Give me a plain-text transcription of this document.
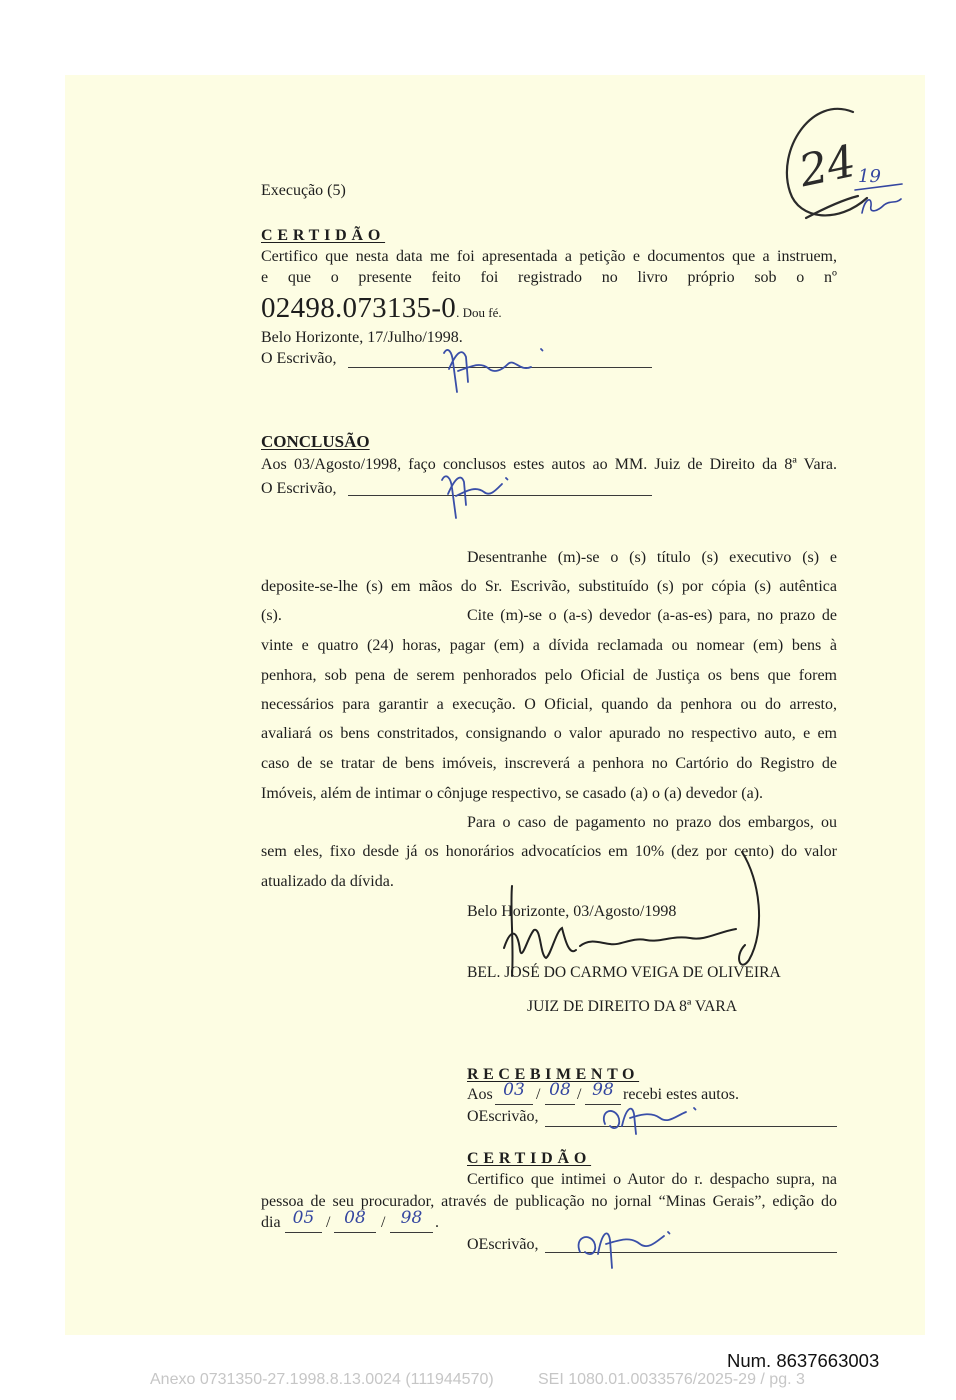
Execução (5)
CERTIDÃO
Certifico que nesta data me foi apresentada a petição e documentos que a instruem,
e que o presente feito foi registrado no livro próprio sob o nº
02498.073135-0. Dou fé.
Belo Horizonte, 17/Julho/1998.
O Escrivão,
CONCLUSÃO
Aos 03/Agosto/1998, faço conclusos estes autos ao MM. Juiz de Direito da 8ª Vara.
O Escrivão,
Desentranhe (m)-se o (s) título (s) executivo (s) e
deposite-se-lhe (s) em mãos do Sr. Escrivão, substituído (s) por cópia (s) autêntica
(s).	Cite (m)-se o (a-s) devedor (a-as-es) para, no prazo de
vinte e quatro (24) horas, pagar (em) a dívida reclamada ou nomear (em) bens à
penhora, sob pena de serem penhorados pelo Oficial de Justiça os bens que forem
necessários para garantir a execução. O Oficial, quando da penhora ou do arresto,
avaliará os bens constritados, consignando o valor apurado no respectivo auto, e em
caso de se tratar de bens imóveis, inscreverá a penhora no Cartório do Registro de
Imóveis, além de intimar o cônjuge respectivo, se casado (a) o (a) devedor (a).
Para o caso de pagamento no prazo dos embargos, ou
sem eles, fixo desde já os honorários advocatícios em 10% (dez por cento) do valor
atualizado da dívida.
Belo Horizonte, 03/Agosto/1998
BEL. JOSÉ DO CARMO VEIGA DE OLIVEIRA
JUIZ DE DIREITO DA 8ª VARA
RECEBIMENTO
Aos 03 / 08 / 98 recebi estes autos.
OEscrivão,
CERTIDÃO
Certifico que intimei o Autor do r. despacho supra, na
pessoa de seu procurador, através de publicação no jornal “Minas Gerais”, edição do
dia 05 / 08 / 98 .
OEscrivão,
24
19
Num. 8637663003
Anexo 0731350-27.1998.8.13.0024 (111944570)	SEI 1080.01.0033576/2025-29 / pg. 3
